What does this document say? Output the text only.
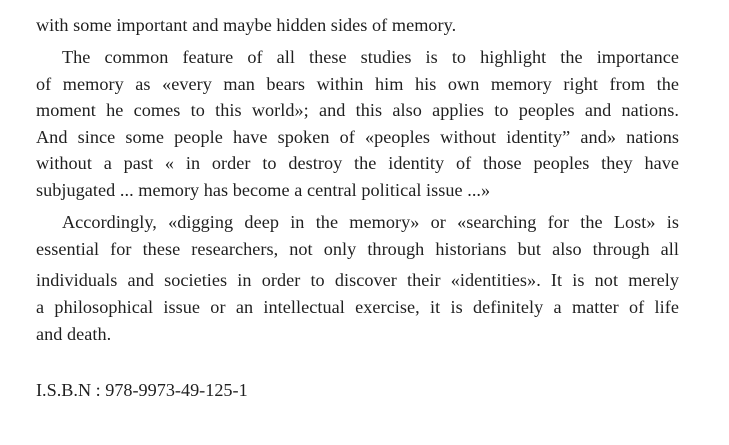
with some important and maybe hidden sides of memory.
The common feature of all these studies is to highlight the importance
of memory as «every man bears within him his own memory right from the
moment he comes to this world»; and this also applies to peoples and nations.
And since some people have spoken of «peoples without identity” and» nations
without a past « in order to destroy the identity of those peoples they have
subjugated ... memory has become a central political issue ...»
Accordingly, «digging deep in the memory» or «searching for the Lost» is
essential for these researchers, not only through historians but also through all
individuals and societies in order to discover their «identities». It is not merely
a philosophical issue or an intellectual exercise, it is definitely a matter of life
and death.
I.S.B.N : 978-9973-49-125-1
